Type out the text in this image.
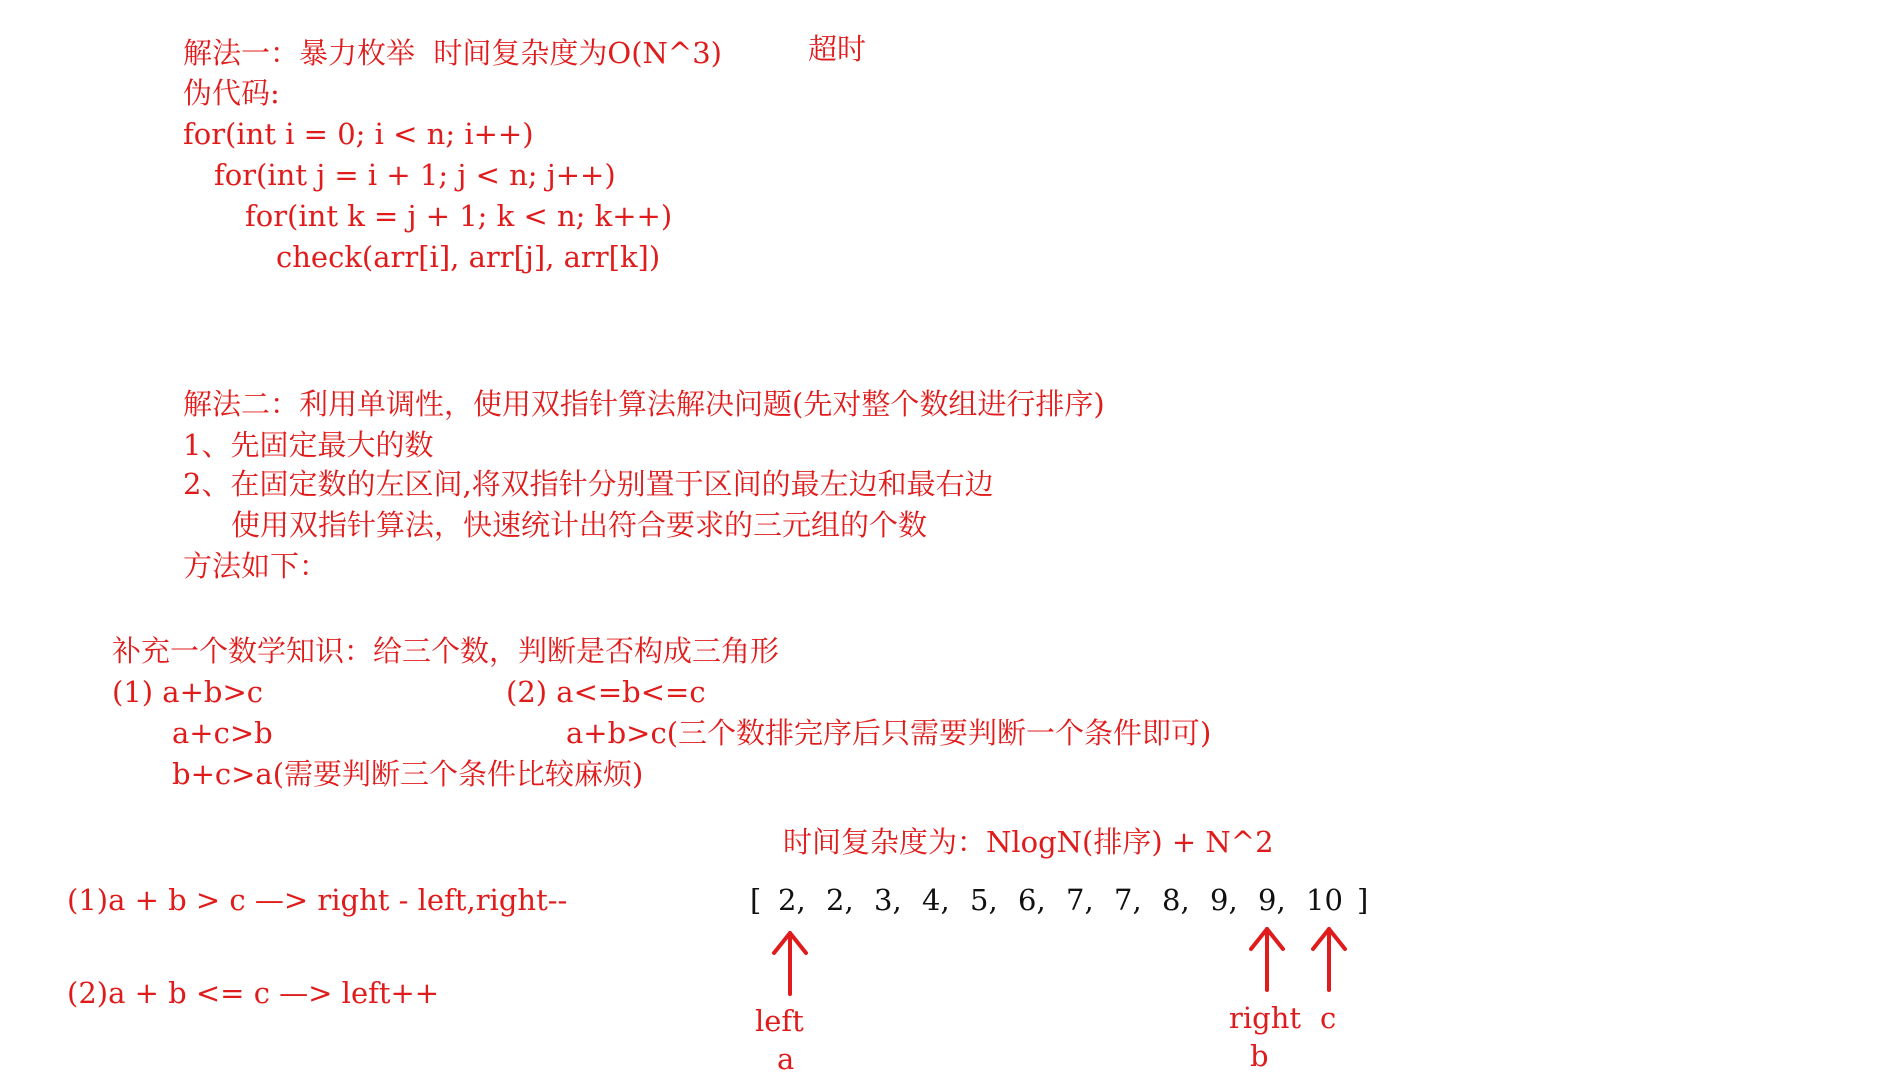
解法一：暴力枚举  时间复杂度为O(N^3)	超时
伪代码:
for(int i = 0; i < n; i++)
for(int j = i + 1; j < n; j++)
for(int k = j + 1; k < n; k++)
check(arr[i], arr[j], arr[k])
解法二：利用单调性，使用双指针算法解决问题(先对整个数组进行排序)
1、先固定最大的数
2、在固定数的左区间,将双指针分别置于区间的最左边和最右边
使用双指针算法，快速统计出符合要求的三元组的个数
方法如下：
补充一个数学知识：给三个数，判断是否构成三角形
(1) a+b>c
a+c>b
b+c>a(需要判断三个条件比较麻烦)
(2) a<=b<=c
a+b>c(三个数排完序后只需要判断一个条件即可)
时间复杂度为：NlogN(排序) + N^2
(1)a + b > c —> right - left,right--
(2)a + b <= c —> left++
[ 2, 2, 3, 4, 5, 6, 7, 7, 8, 9, 9, 10 ]
left
a
right c
b
